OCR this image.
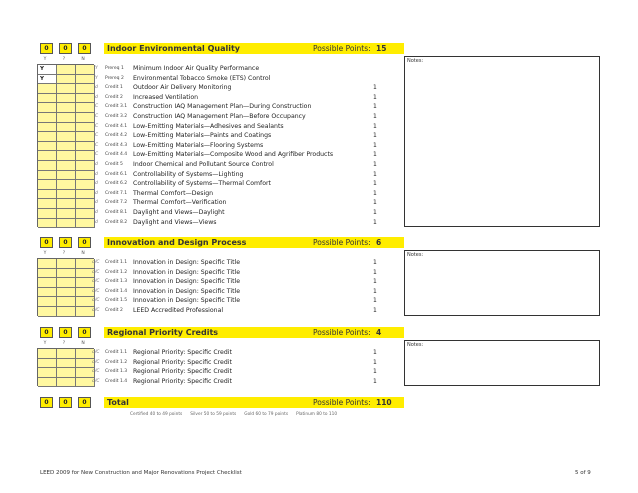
0	0	0	Indoor Environmental Quality	Possible Points: 15
Y	?	N
Y
Y
Y Prereq 1 Minimum Indoor Air Quality Performance
Y Prereq 2 Environmental Tobacco Smoke (ETS) Control
d Credit 1 Outdoor Air Delivery Monitoring	1
d Credit 2 Increased Ventilation	1
C Credit 3.1 Construction IAQ Management Plan—During Construction	1
C Credit 3.2 Construction IAQ Management Plan—Before Occupancy	1
C Credit 4.1 Low-Emitting Materials—Adhesives and Sealants	1
C Credit 4.2 Low-Emitting Materials—Paints and Coatings	1
C Credit 4.3 Low-Emitting Materials—Flooring Systems	1
C Credit 4.4 Low-Emitting Materials—Composite Wood and Agrifiber Products	1
d Credit 5 Indoor Chemical and Pollutant Source Control	1
d Credit 6.1 Controllability of Systems—Lighting	1
d Credit 6.2 Controllability of Systems—Thermal Comfort	1
d Credit 7.1 Thermal Comfort—Design	1
d Credit 7.2 Thermal Comfort—Verification	1
d Credit 8.1 Daylight and Views—Daylight	1
d Credit 8.2 Daylight and Views—Views	1
Notes:
0	0	0	Innovation and Design Process	Possible Points: 6
Y	?	N
d/C Credit 1.1 Innovation in Design: Specific Title	1
d/C Credit 1.2 Innovation in Design: Specific Title	1
d/C Credit 1.3 Innovation in Design: Specific Title	1
d/C Credit 1.4 Innovation in Design: Specific Title	1
d/C Credit 1.5 Innovation in Design: Specific Title	1
d/C Credit 2 LEED Accredited Professional	1
Notes:
0	0	0	Regional Priority Credits	Possible Points: 4
Y	?	N
d/C Credit 1.1 Regional Priority: Specific Credit	1
d/C Credit 1.2 Regional Priority: Specific Credit	1
d/C Credit 1.3 Regional Priority: Specific Credit	1
d/C Credit 1.4 Regional Priority: Specific Credit	1
Notes:
0	0	0	Total	Possible Points: 110
Certified 40 to 49 points Silver 50 to 59 points Gold 60 to 79 points Platinum 80 to 110
LEED 2009 for New Construction and Major Renovations Project Checklist	5 of 9
